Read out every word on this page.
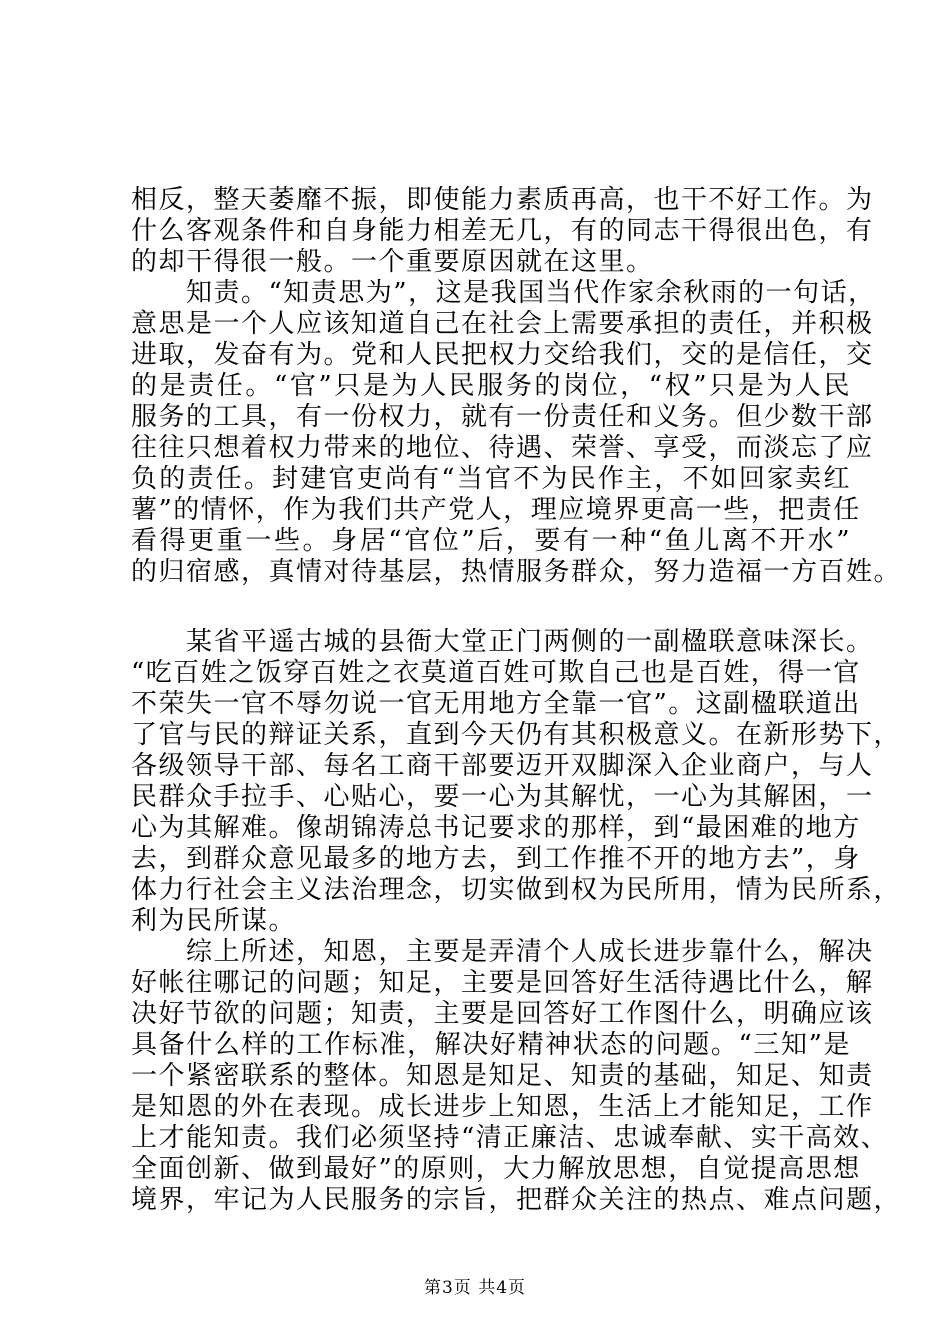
相反，整天萎靡不振，即使能力素质再高，也干不好工作。为
什么客观条件和自身能力相差无几，有的同志干得很出色，有
的却干得很一般。一个重要原因就在这里。
　　知责。“知责思为”，这是我国当代作家余秋雨的一句话，
意思是一个人应该知道自己在社会上需要承担的责任，并积极
进取，发奋有为。党和人民把权力交给我们，交的是信任，交
的是责任。“官”只是为人民服务的岗位，“权”只是为人民
服务的工具，有一份权力，就有一份责任和义务。但少数干部
往往只想着权力带来的地位、待遇、荣誉、享受，而淡忘了应
负的责任。封建官吏尚有“当官不为民作主，不如回家卖红
薯”的情怀，作为我们共产党人，理应境界更高一些，把责任
看得更重一些。身居“官位”后，要有一种“鱼儿离不开水”
的归宿感，真情对待基层，热情服务群众，努力造福一方百姓。
　　某省平遥古城的县衙大堂正门两侧的一副楹联意味深长。
“吃百姓之饭穿百姓之衣莫道百姓可欺自己也是百姓，得一官
不荣失一官不辱勿说一官无用地方全靠一官”。这副楹联道出
了官与民的辩证关系，直到今天仍有其积极意义。在新形势下，
各级领导干部、每名工商干部要迈开双脚深入企业商户，与人
民群众手拉手、心贴心，要一心为其解忧，一心为其解困，一
心为其解难。像胡锦涛总书记要求的那样，到“最困难的地方
去，到群众意见最多的地方去，到工作推不开的地方去”，身
体力行社会主义法治理念，切实做到权为民所用，情为民所系，
利为民所谋。
　　综上所述，知恩，主要是弄清个人成长进步靠什么，解决
好帐往哪记的问题；知足，主要是回答好生活待遇比什么，解
决好节欲的问题；知责，主要是回答好工作图什么，明确应该
具备什么样的工作标准，解决好精神状态的问题。“三知”是
一个紧密联系的整体。知恩是知足、知责的基础，知足、知责
是知恩的外在表现。成长进步上知恩，生活上才能知足，工作
上才能知责。我们必须坚持“清正廉洁、忠诚奉献、实干高效、
全面创新、做到最好”的原则，大力解放思想，自觉提高思想
境界，牢记为人民服务的宗旨，把群众关注的热点、难点问题，
第3页 共4页
